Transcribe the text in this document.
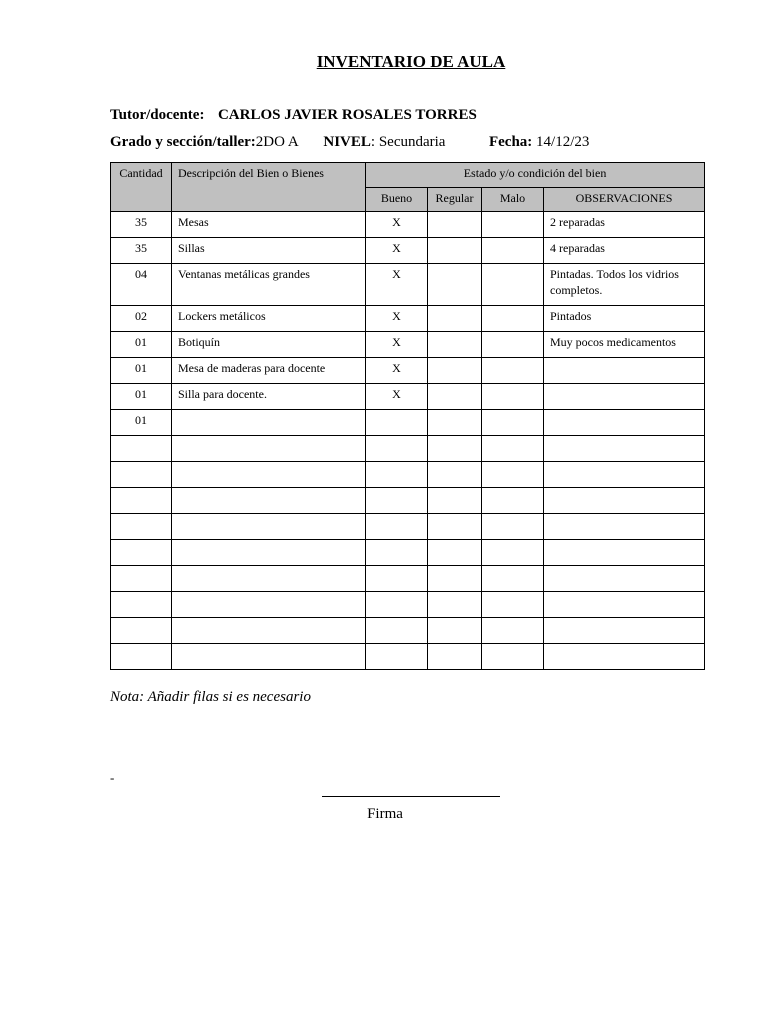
INVENTARIO DE AULA
Tutor/docente: CARLOS JAVIER ROSALES TORRES
Grado y sección/taller:2DO A NIVEL: Secundaria	Fecha: 14/12/23
Cantidad	Descripción del Bien o Bienes	Estado y/o condición del bien			
		Bueno	Regular	Malo	OBSERVACIONES
35	Mesas	X			2 reparadas
35	Sillas	X			4 reparadas
04	Ventanas metálicas grandes	X			Pintadas. Todos los vidrios completos.
02	Lockers metálicos	X			Pintados
01	Botiquín	X			Muy pocos medicamentos
01	Mesa de maderas para docente	X			
01	Silla para docente.	X			
01					

Nota: Añadir filas si es necesario
-
Firma
